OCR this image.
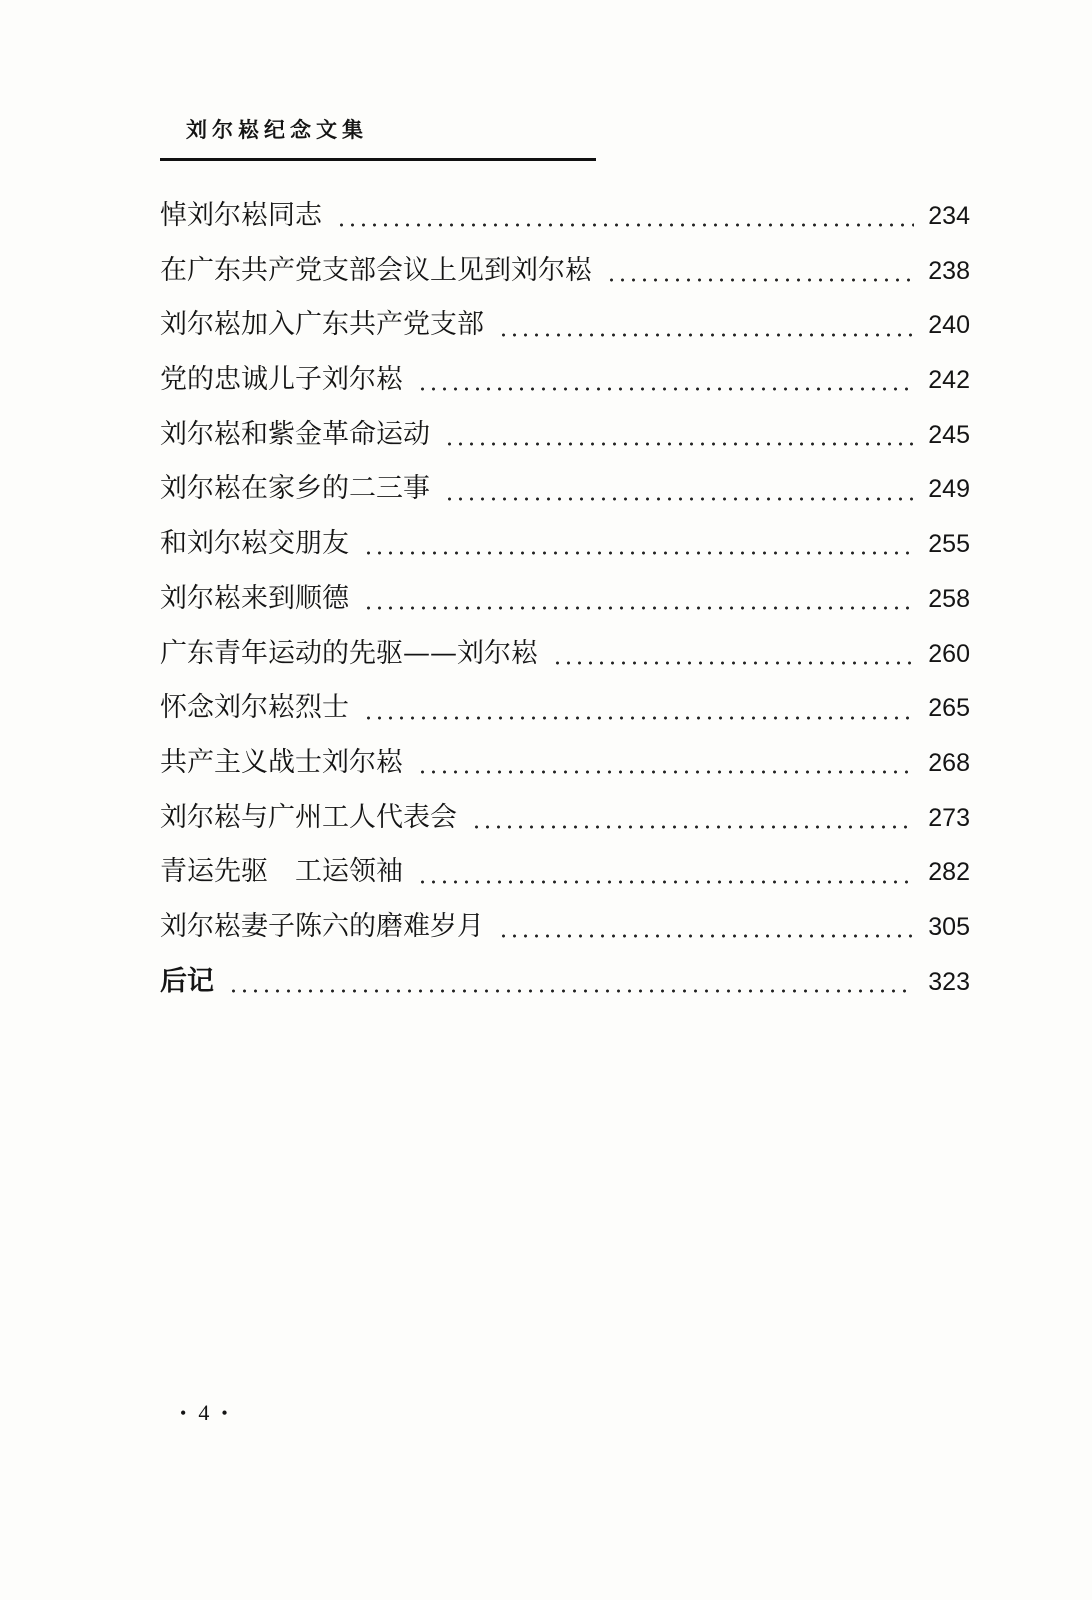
刘尔崧纪念文集
悼刘尔崧同志	234
在广东共产党支部会议上见到刘尔崧	238
刘尔崧加入广东共产党支部	240
党的忠诚儿子刘尔崧	242
刘尔崧和紫金革命运动	245
刘尔崧在家乡的二三事	249
和刘尔崧交朋友	255
刘尔崧来到顺德	258
广东青年运动的先驱——刘尔崧	260
怀念刘尔崧烈士	265
共产主义战士刘尔崧	268
刘尔崧与广州工人代表会	273
青运先驱　工运领袖	282
刘尔崧妻子陈六的磨难岁月	305
后记	323
• 4 •
